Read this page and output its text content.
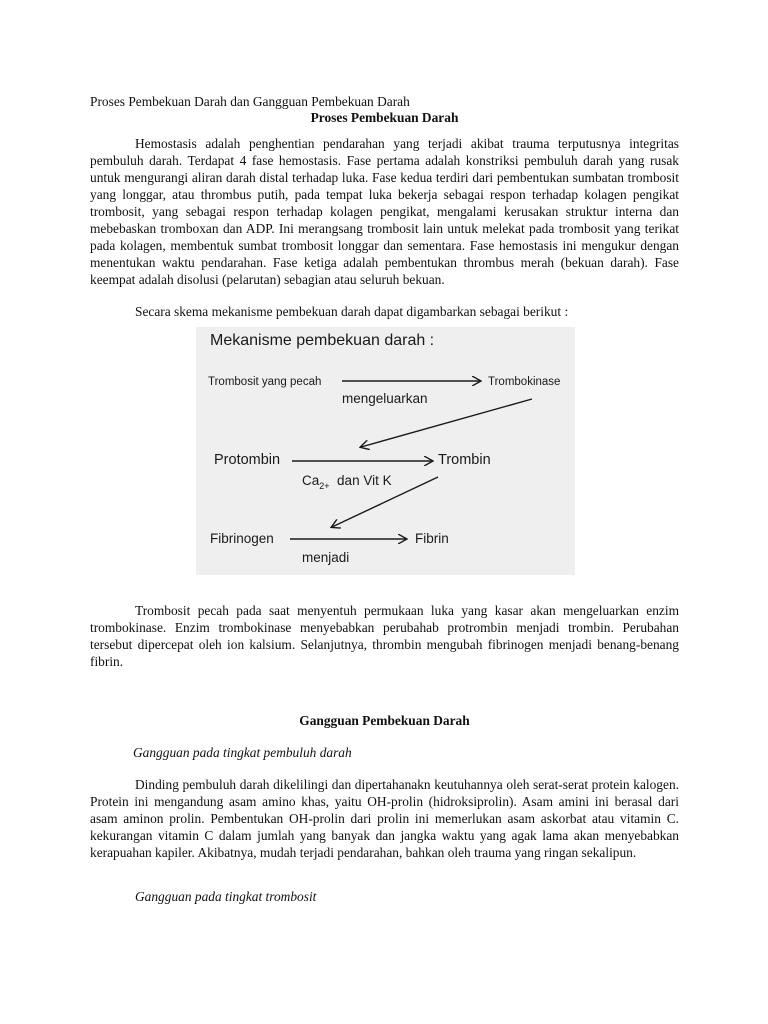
Proses Pembekuan Darah dan Gangguan Pembekuan Darah
Proses Pembekuan Darah

Hemostasis adalah penghentian pendarahan yang terjadi akibat trauma terputusnya integritas pembuluh darah. Terdapat 4 fase hemostasis. Fase pertama adalah konstriksi pembuluh darah yang rusak untuk mengurangi aliran darah distal terhadap luka. Fase kedua terdiri dari pembentukan sumbatan trombosit yang longgar, atau thrombus putih, pada tempat luka bekerja sebagai respon terhadap kolagen pengikat trombosit, yang sebagai respon terhadap kolagen pengikat, mengalami kerusakan struktur interna dan mebebaskan tromboxan dan ADP. Ini merangsang trombosit lain untuk melekat pada trombosit yang terikat pada kolagen, membentuk sumbat trombosit longgar dan sementara. Fase hemostasis ini mengukur dengan menentukan waktu pendarahan. Fase ketiga adalah pembentukan thrombus merah (bekuan darah). Fase keempat adalah disolusi (pelarutan) sebagian atau seluruh bekuan.

Secara skema mekanisme pembekuan darah dapat digambarkan sebagai berikut :

Trombosit pecah pada saat menyentuh permukaan luka yang kasar akan mengeluarkan enzim trombokinase. Enzim trombokinase menyebabkan perubahab protrombin menjadi trombin. Perubahan tersebut dipercepat oleh ion kalsium. Selanjutnya, thrombin mengubah fibrinogen menjadi benang-benang fibrin.

Gangguan Pembekuan Darah
Gangguan pada tingkat pembuluh darah

Dinding pembuluh darah dikelilingi dan dipertahanakn keutuhannya oleh serat-serat protein kalogen. Protein ini mengandung asam amino khas, yaitu OH-prolin (hidroksiprolin). Asam amini ini berasal dari asam aminon prolin. Pembentukan OH-prolin dari prolin ini memerlukan asam askorbat atau vitamin C. kekurangan vitamin C dalam jumlah yang banyak dan jangka waktu yang agak lama akan menyebabkan kerapuahan kapiler. Akibatnya, mudah terjadi pendarahan, bahkan oleh trauma yang ringan sekalipun.

Gangguan pada tingkat trombosit
Mekanisme pembekuan darah :
Trombosit yang pecah	Trombokinase
mengeluarkan
Protombin	Trombin
$Ca_{2+}$ dan Vit K
Fibrinogen	Fibrin
menjadi
